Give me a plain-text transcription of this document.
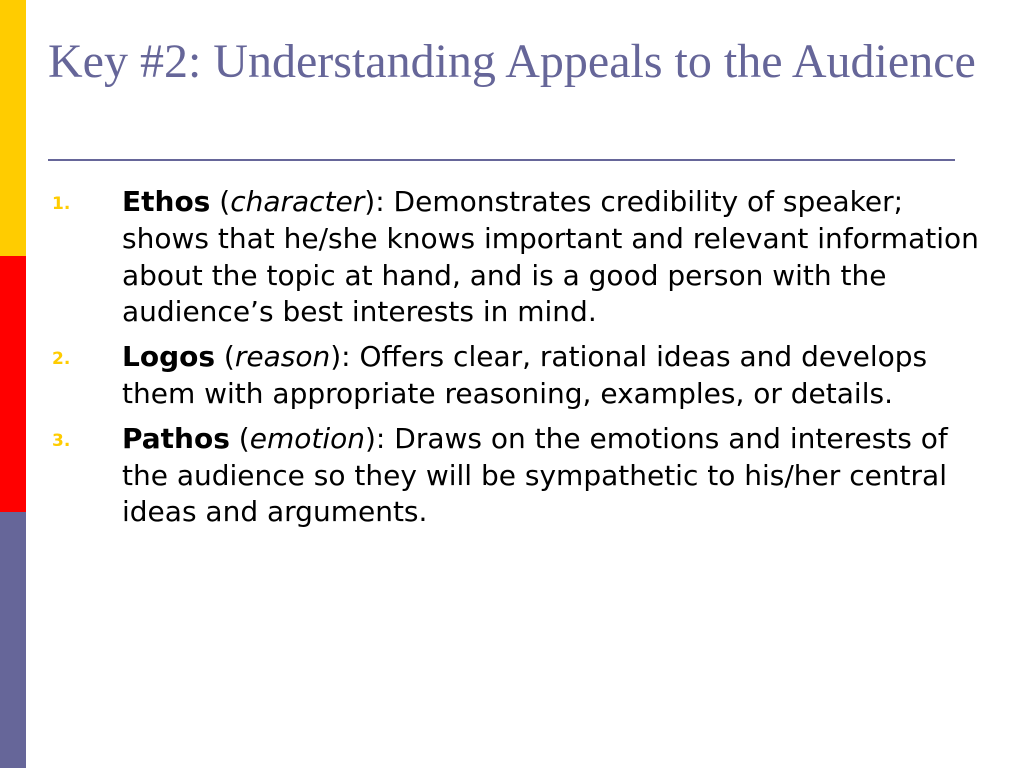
Key #2: Understanding Appeals to the Audience
1. Ethos (character): Demonstrates credibility of speaker; shows that he/she knows important and relevant information about the topic at hand, and is a good person with the audience’s best interests in mind.
2. Logos (reason): Offers clear, rational ideas and develops them with appropriate reasoning, examples, or details.
3. Pathos (emotion): Draws on the emotions and interests of the audience so they will be sympathetic to his/her central ideas and arguments.
